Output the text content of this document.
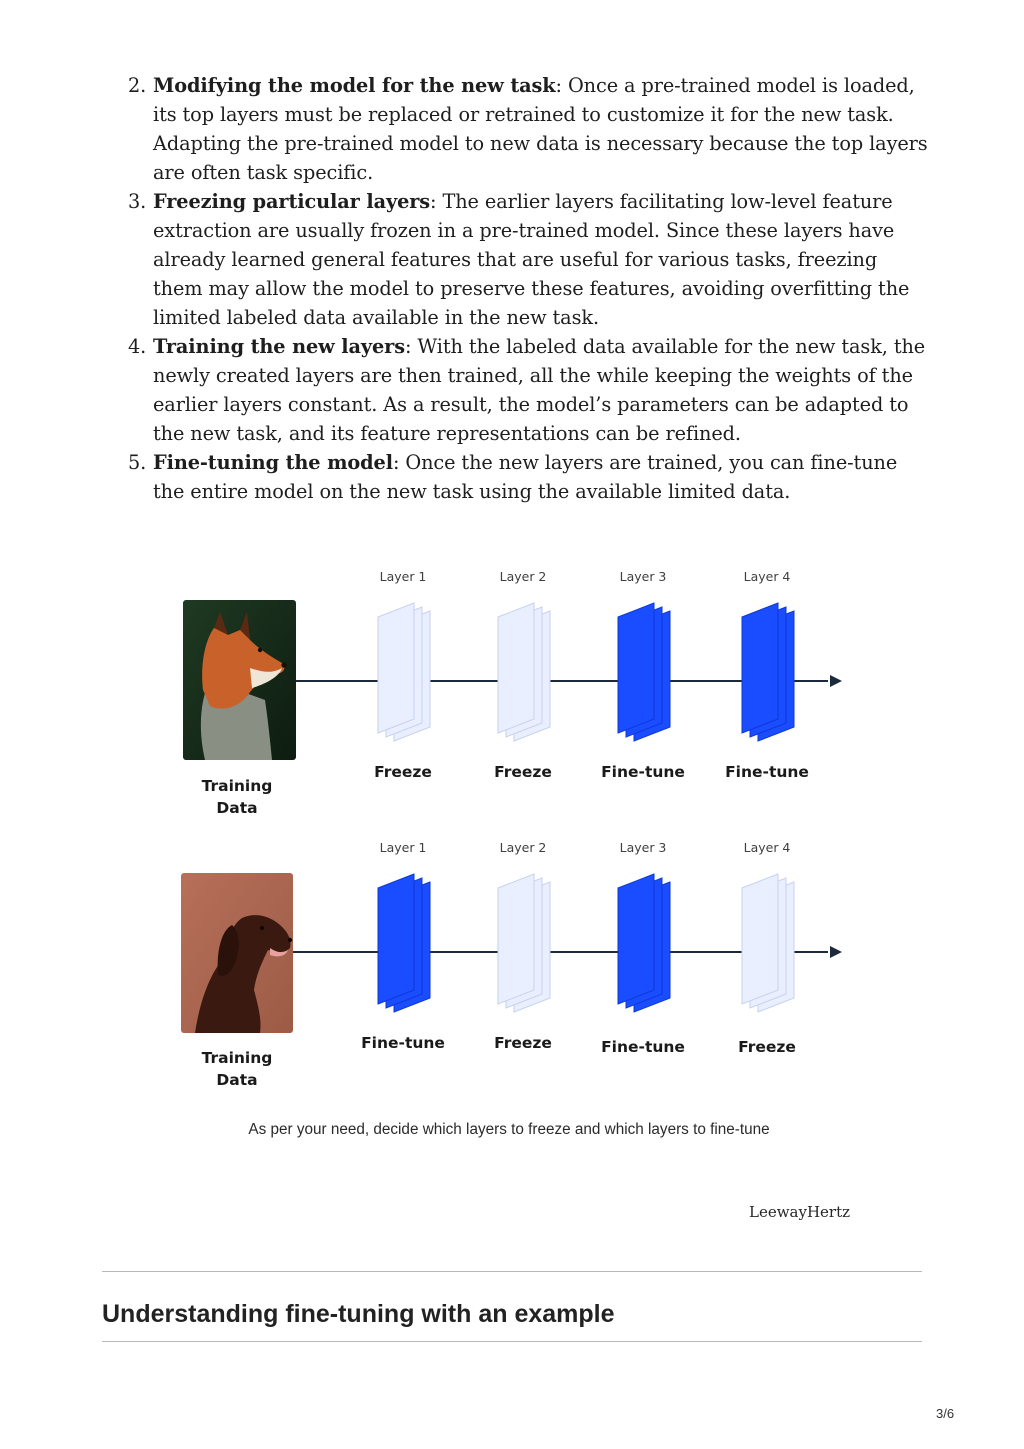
2. Modifying the model for the new task: Once a pre-trained model is loaded, its top layers must be replaced or retrained to customize it for the new task. Adapting the pre-trained model to new data is necessary because the top layers are often task specific.
3. Freezing particular layers: The earlier layers facilitating low-level feature extraction are usually frozen in a pre-trained model. Since these layers have already learned general features that are useful for various tasks, freezing them may allow the model to preserve these features, avoiding overfitting the limited labeled data available in the new task.
4. Training the new layers: With the labeled data available for the new task, the newly created layers are then trained, all the while keeping the weights of the earlier layers constant. As a result, the model’s parameters can be adapted to the new task, and its feature representations can be refined.
5. Fine-tuning the model: Once the new layers are trained, you can fine-tune the entire model on the new task using the available limited data.
Layer 1	Layer 2	Layer 3	Layer 4
Freeze	Freeze	Fine-tune	Fine-tune
Training
Data
Layer 1	Layer 2	Layer 3	Layer 4
Fine-tune	Freeze	Fine-tune	Freeze
Training
Data
As per your need, decide which layers to freeze and which layers to fine-tune
LeewayHertz
Understanding fine-tuning with an example
3/6
